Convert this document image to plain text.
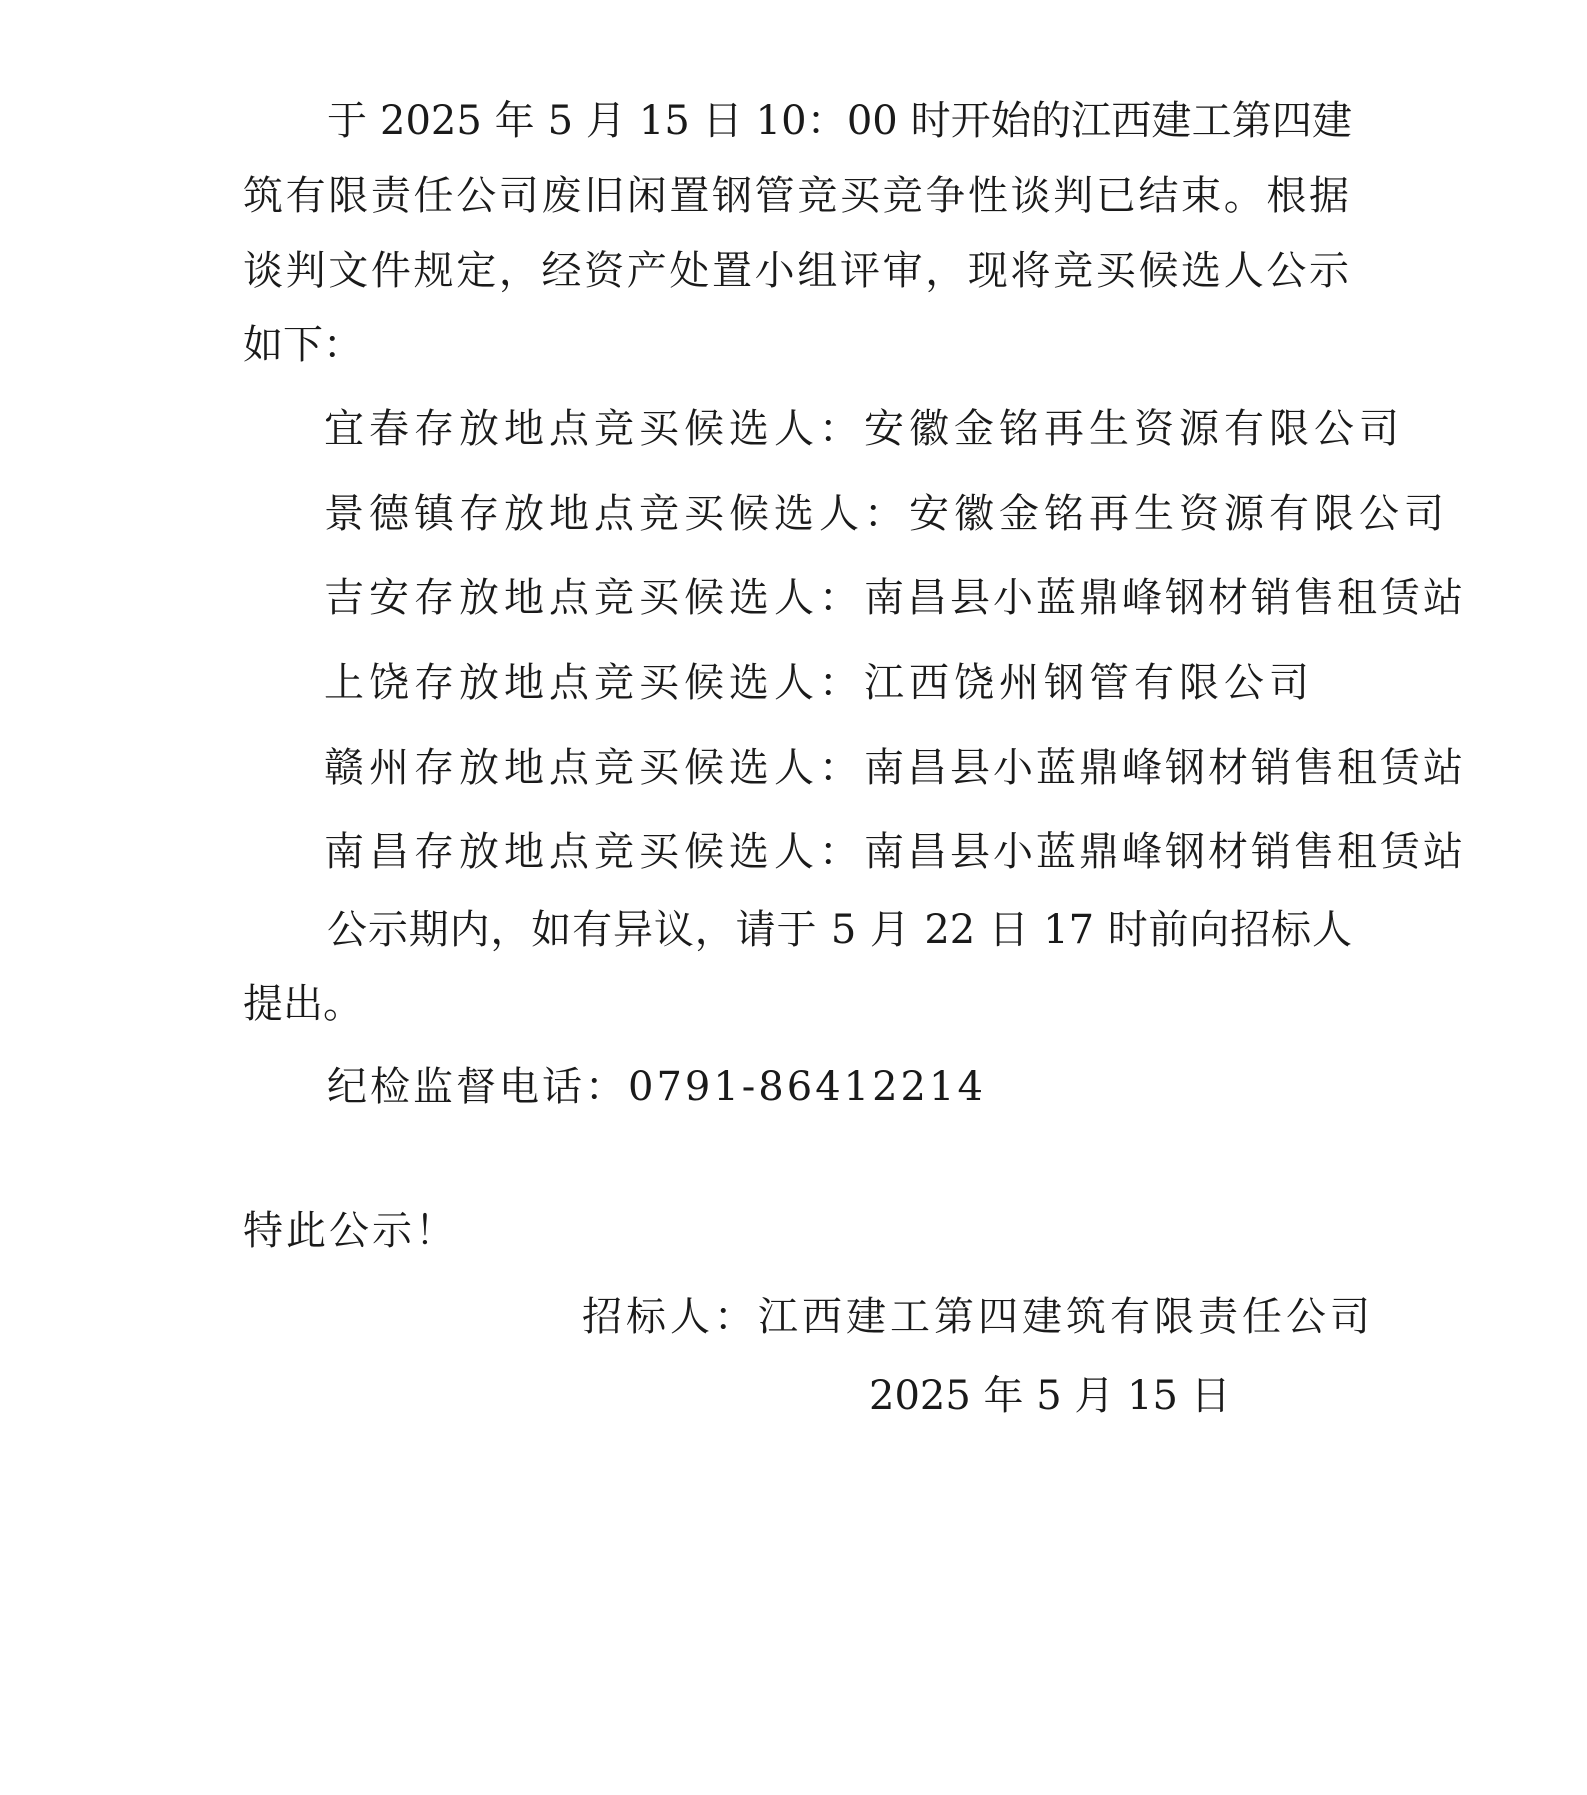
于 2025 年 5 月 15 日 10：00 时开始的江西建工第四建

筑有限责任公司废旧闲置钢管竞买竞争性谈判已结束。根据

谈判文件规定，经资产处置小组评审，现将竞买候选人公示

如下：

宜春存放地点竞买候选人：安徽金铭再生资源有限公司

景德镇存放地点竞买候选人：安徽金铭再生资源有限公司

吉安存放地点竞买候选人：南昌县小蓝鼎峰钢材销售租赁站

上饶存放地点竞买候选人：江西饶州钢管有限公司

赣州存放地点竞买候选人：南昌县小蓝鼎峰钢材销售租赁站

南昌存放地点竞买候选人：南昌县小蓝鼎峰钢材销售租赁站

公示期内，如有异议，请于 5 月 22 日 17 时前向招标人

提出。

纪检监督电话：0791-86412214

特此公示！

招标人：江西建工第四建筑有限责任公司

2025 年 5 月 15 日
